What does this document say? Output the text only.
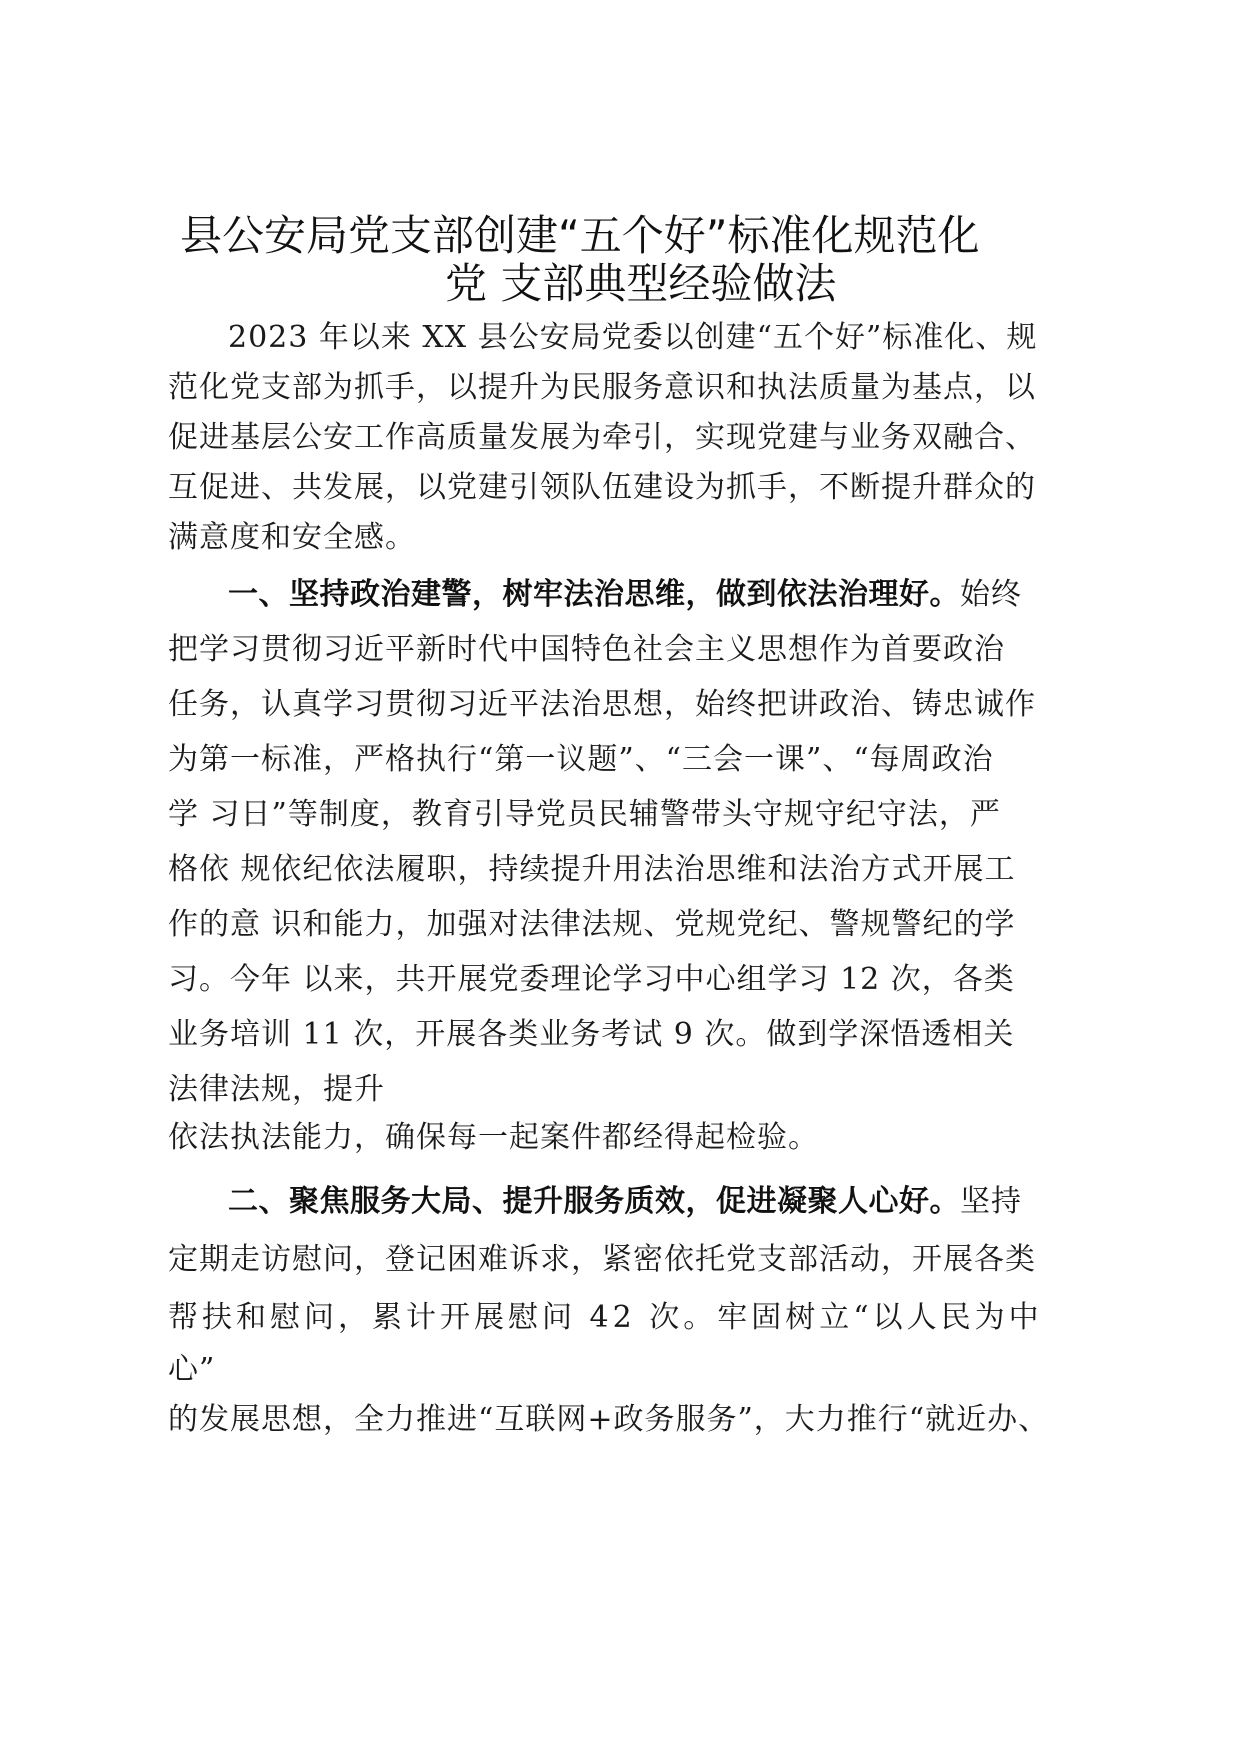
县公安局党支部创建“五个好”标准化规范化
党 支部典型经验做法
2023 年以来 XX 县公安局党委以创建“五个好”标准化、规
范化党支部为抓手，以提升为民服务意识和执法质量为基点，以
促进基层公安工作高质量发展为牵引，实现党建与业务双融合、
互促进、共发展，以党建引领队伍建设为抓手，不断提升群众的
满意度和安全感。
一、坚持政治建警，树牢法治思维，做到依法治理好。始终
把学习贯彻习近平新时代中国特色社会主义思想作为首要政治
任务，认真学习贯彻习近平法治思想，始终把讲政治、铸忠诚作
为第一标准，严格执行“第一议题”、“三会一课”、“每周政治
学 习日”等制度，教育引导党员民辅警带头守规守纪守法，严
格依 规依纪依法履职，持续提升用法治思维和法治方式开展工
作的意 识和能力，加强对法律法规、党规党纪、警规警纪的学
习。今年 以来，共开展党委理论学习中心组学习 12 次，各类
业务培训 11 次，开展各类业务考试 9 次。做到学深悟透相关
法律法规，提升
依法执法能力，确保每一起案件都经得起检验。
二、聚焦服务大局、提升服务质效，促进凝聚人心好。坚持
定期走访慰问，登记困难诉求，紧密依托党支部活动，开展各类
帮扶和慰问，累计开展慰问 42 次。牢固树立“以人民为中
心”
的发展思想，全力推进“互联网+政务服务”，大力推行“就近办、
